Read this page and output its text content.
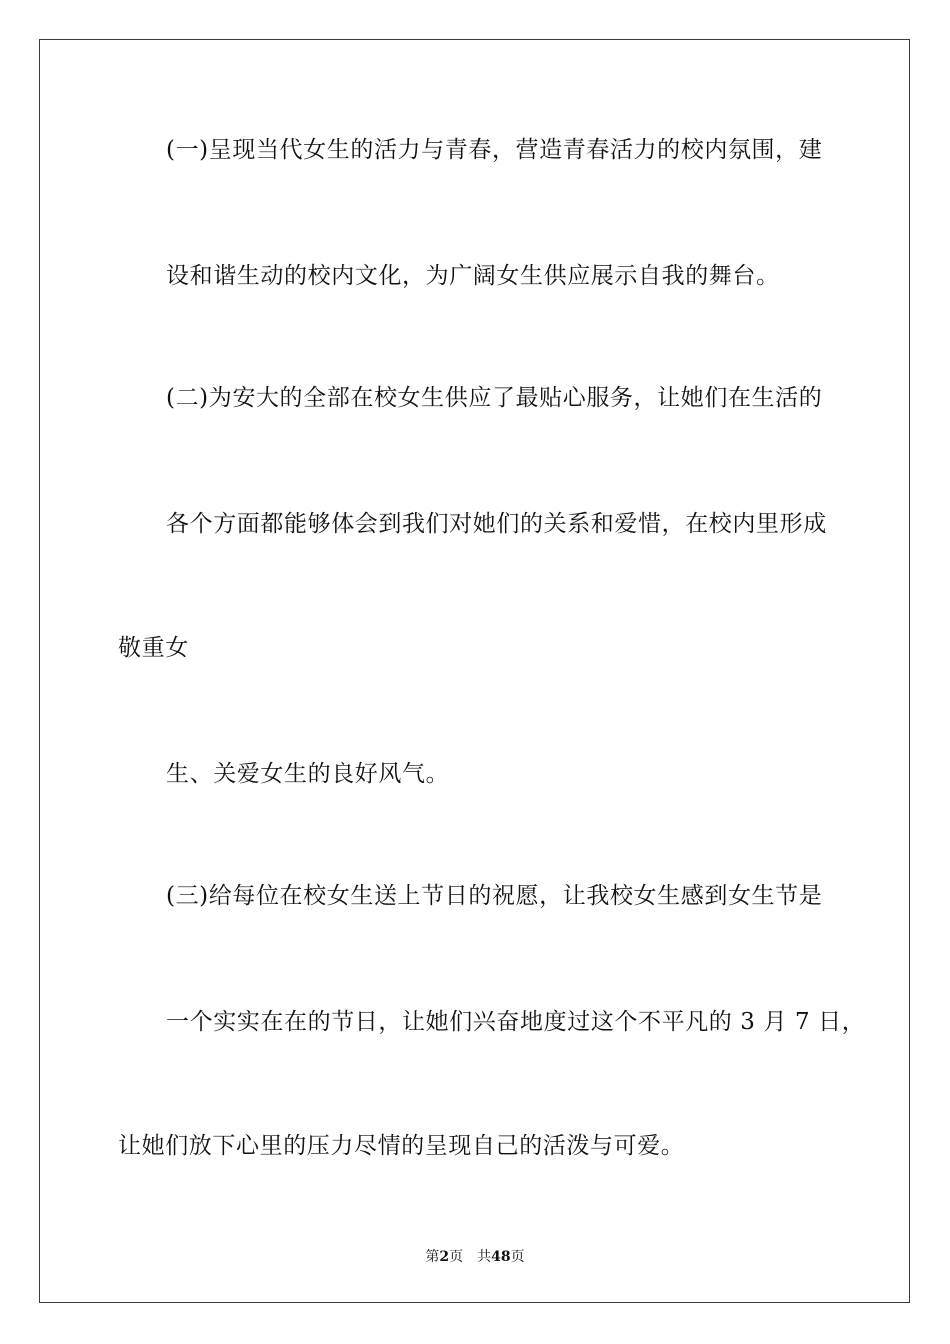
(一)呈现当代女生的活力与青春，营造青春活力的校内氛围，建
设和谐生动的校内文化，为广阔女生供应展示自我的舞台。
(二)为安大的全部在校女生供应了最贴心服务，让她们在生活的
各个方面都能够体会到我们对她们的关系和爱惜，在校内里形成
敬重女
生、关爱女生的良好风气。
(三)给每位在校女生送上节日的祝愿，让我校女生感到女生节是
一个实实在在的节日，让她们兴奋地度过这个不平凡的 3 月 7 日，
让她们放下心里的压力尽情的呈现自己的活泼与可爱。
第2页 共48页
